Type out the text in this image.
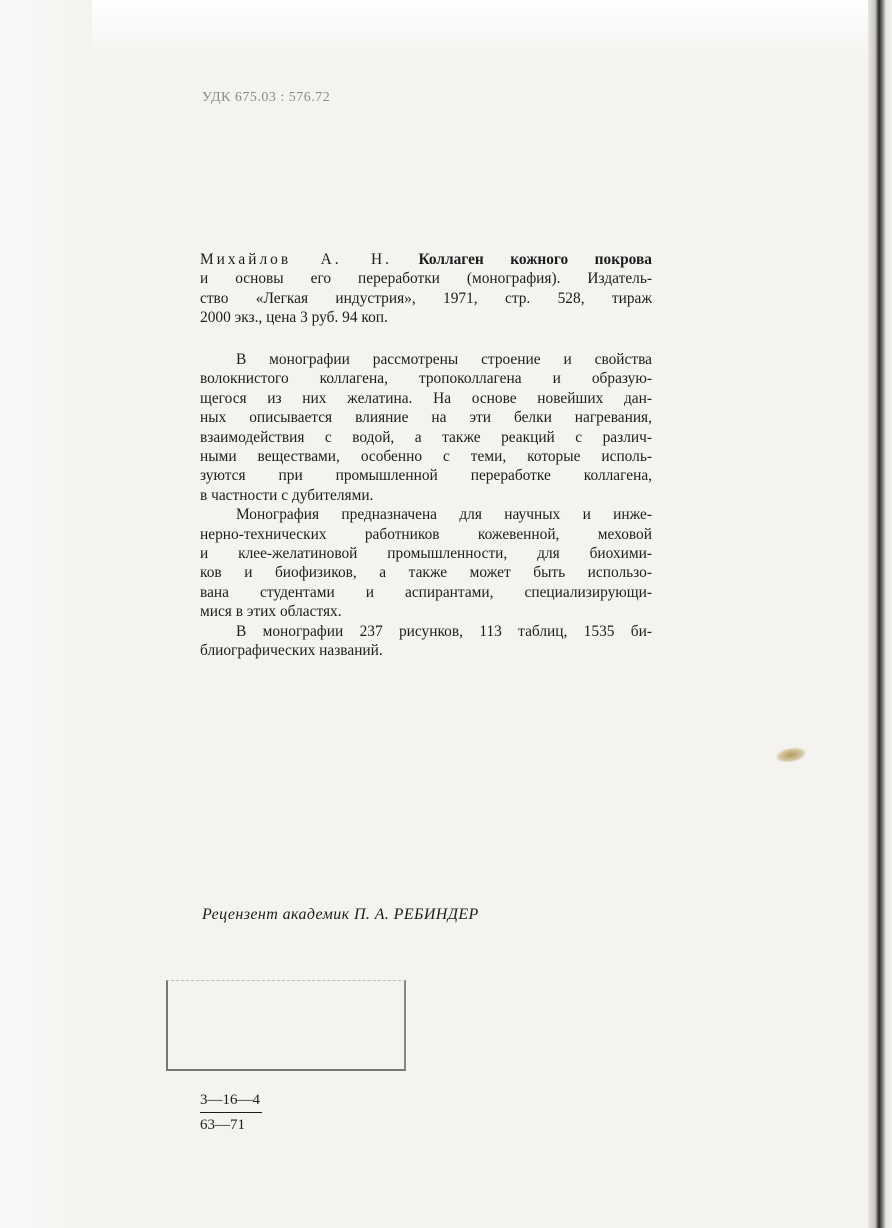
УДК 675.03 : 576.72
Михайлов А. Н. Коллаген кожного покрова
и основы его переработки (монография). Издатель-
ство «Легкая индустрия», 1971, стр. 528, тираж
2000 экз., цена 3 руб. 94 коп.
В монографии рассмотрены строение и свойства
волокнистого коллагена, тропоколлагена и образую-
щегося из них желатина. На основе новейших дан-
ных описывается влияние на эти белки нагревания,
взаимодействия с водой, а также реакций с различ-
ными веществами, особенно с теми, которые исполь-
зуются при промышленной переработке коллагена,
в частности с дубителями.
Монография предназначена для научных и инже-
нерно-технических работников кожевенной, меховой
и клее-желатиновой промышленности, для биохими-
ков и биофизиков, а также может быть использо-
вана студентами и аспирантами, специализирующи-
мися в этих областях.
В монографии 237 рисунков, 113 таблиц, 1535 би-
блиографических названий.
Рецензент академик П. А. РЕБИНДЕР
3—16—4
63—71
